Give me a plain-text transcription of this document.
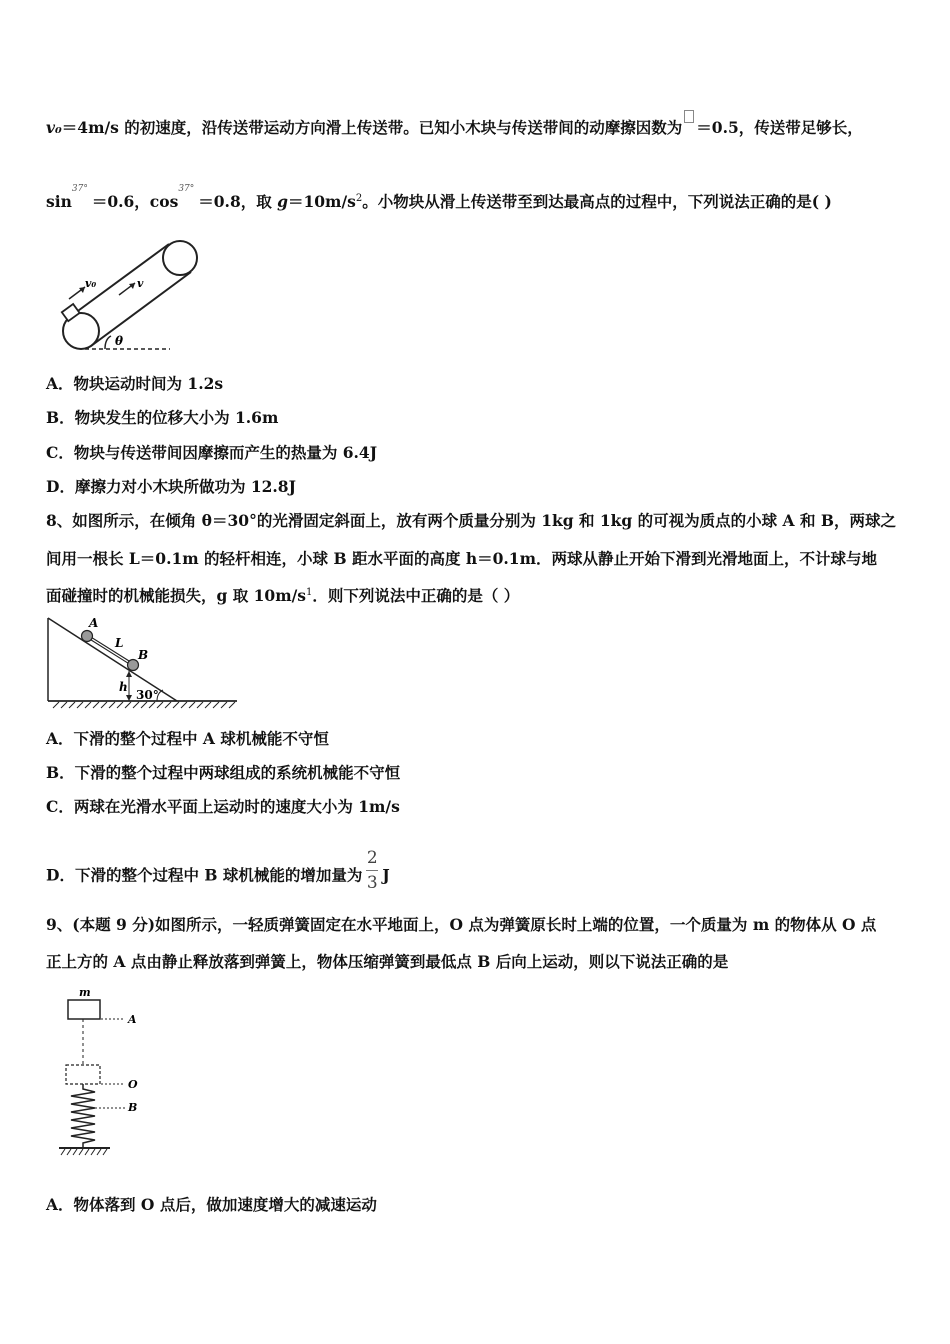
v₀＝4m/s 的初速度，沿传送带运动方向滑上传送带。已知小木块与传送带间的动摩擦因数为 ＝0.5，传送带足够长，
$\sin^{37^\circ}=0.6$，$\cos^{37^\circ}=0.8$，取 $g=10m/s^2$。小物块从滑上传送带至到达最高点的过程中，下列说法正确的是( )
v₀	v
θ
A．物块运动时间为 1.2s
B．物块发生的位移大小为 1.6m
C．物块与传送带间因摩擦而产生的热量为 6.4J
D．摩擦力对小木块所做功为 12.8J
8、如图所示，在倾角 θ＝30°的光滑固定斜面上，放有两个质量分别为 1kg 和 1kg 的可视为质点的小球 A 和 B，两球之
间用一根长 L＝0.1m 的轻杆相连，小球 B 距水平面的高度 h＝0.1m．两球从静止开始下滑到光滑地面上，不计球与地
面碰撞时的机械能损失，g 取 $10m/s^1$．则下列说法中正确的是（ ）
A
L
B
h
30°
A．下滑的整个过程中 A 球机械能不守恒
B．下滑的整个过程中两球组成的系统机械能不守恒
C．两球在光滑水平面上运动时的速度大小为 1m/s
D．下滑的整个过程中 B 球机械能的增加量为 $\frac{2}{3}$ J
9、(本题 9 分)如图所示，一轻质弹簧固定在水平地面上，O 点为弹簧原长时上端的位置，一个质量为 m 的物体从 O 点
正上方的 A 点由静止释放落到弹簧上，物体压缩弹簧到最低点 B 后向上运动，则以下说法正确的是
m
A
O
B
A．物体落到 O 点后，做加速度增大的减速运动
